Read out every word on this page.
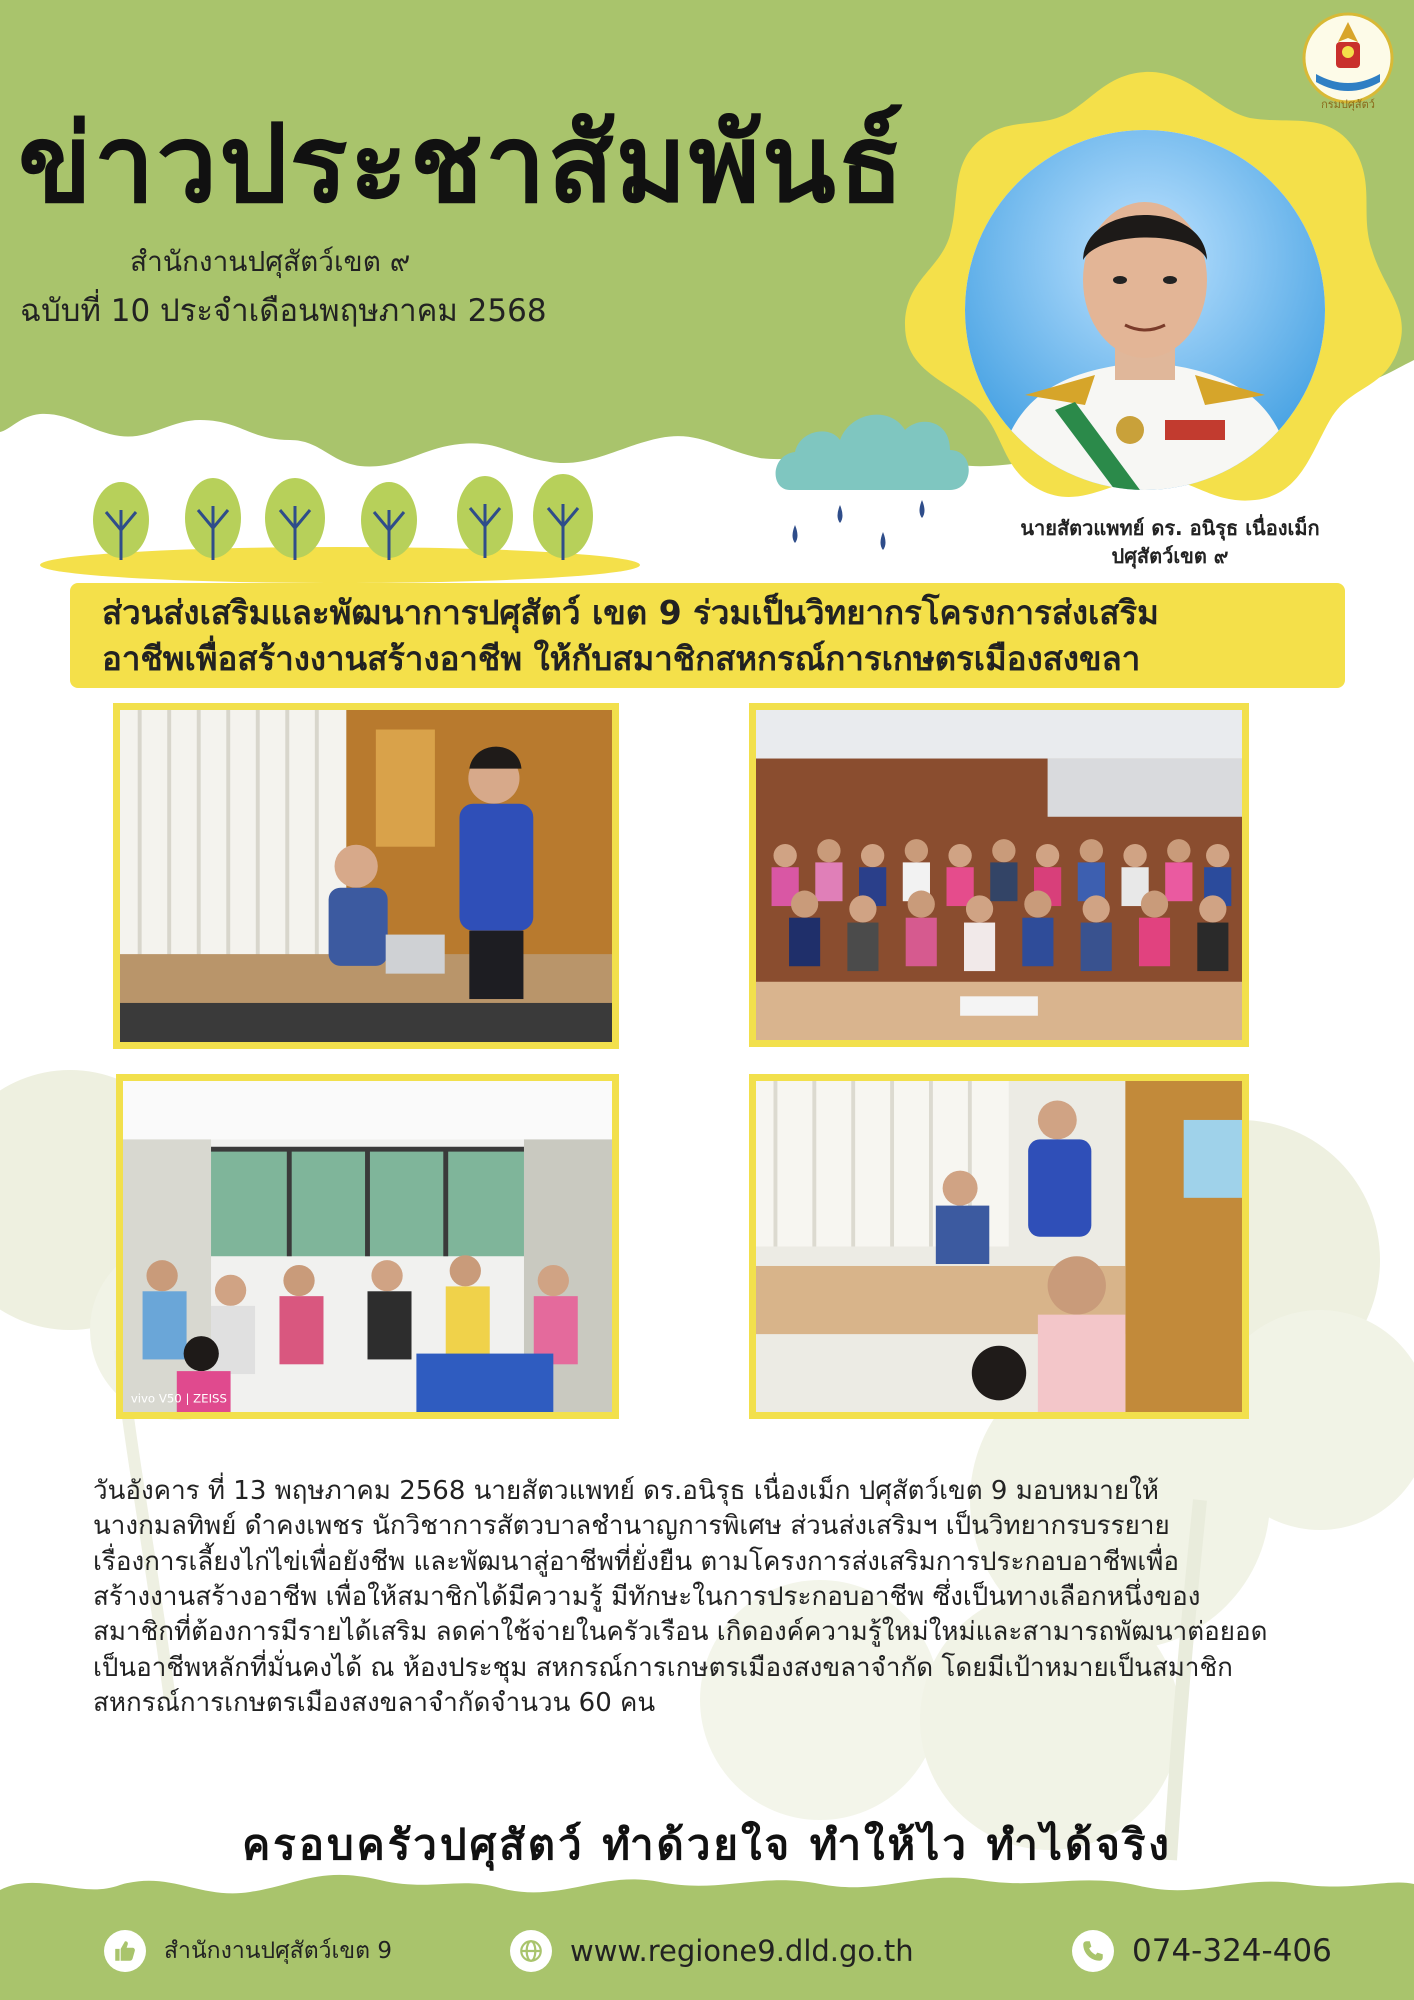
ข่าวประชาสัมพันธ์
สำนักงานปศุสัตว์เขต ๙
ฉบับที่ 10 ประจำเดือนพฤษภาคม 2568
กรมปศุสัตว์
นายสัตวแพทย์ ดร. อนิรุธ เนื่องเม็ก
ปศุสัตว์เขต ๙
ส่วนส่งเสริมและพัฒนาการปศุสัตว์ เขต 9 ร่วมเป็นวิทยากรโครงการส่งเสริม
อาชีพเพื่อสร้างงานสร้างอาชีพ ให้กับสมาชิกสหกรณ์การเกษตรเมืองสงขลา
vivo V50 | ZEISS

วันอังคาร ที่ 13 พฤษภาคม 2568 นายสัตวแพทย์ ดร.อนิรุธ เนื่องเม็ก ปศุสัตว์เขต 9 มอบหมายให้

นางกมลทิพย์ ดำคงเพชร นักวิชาการสัตวบาลชำนาญการพิเศษ ส่วนส่งเสริมฯ เป็นวิทยากรบรรยาย

เรื่องการเลี้ยงไก่ไข่เพื่อยังชีพ และพัฒนาสู่อาชีพที่ยั่งยืน ตามโครงการส่งเสริมการประกอบอาชีพเพื่อ

สร้างงานสร้างอาชีพ เพื่อให้สมาชิกได้มีความรู้ มีทักษะในการประกอบอาชีพ ซึ่งเป็นทางเลือกหนึ่งของ

สมาชิกที่ต้องการมีรายได้เสริม ลดค่าใช้จ่ายในครัวเรือน เกิดองค์ความรู้ใหม่ใหม่และสามารถพัฒนาต่อยอด

เป็นอาชีพหลักที่มั่นคงได้ ณ ห้องประชุม สหกรณ์การเกษตรเมืองสงขลาจำกัด โดยมีเป้าหมายเป็นสมาชิก

สหกรณ์การเกษตรเมืองสงขลาจำกัดจำนวน 60 คน

ครอบครัวปศุสัตว์ ทำด้วยใจ ทำให้ไว ทำได้จริง
สำนักงานปศุสัตว์เขต 9	www.regione9.dld.go.th	074-324-406
